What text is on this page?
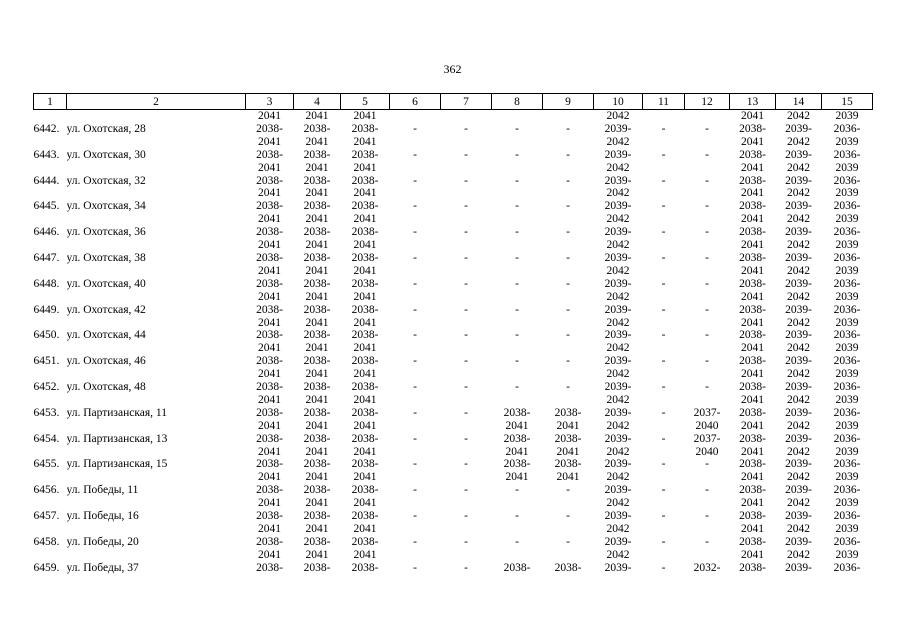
362
1	2	3	4	5	6	7	8	9	10	11	12	13	14	15
		2041	2041	2041					2042			2041	2042	2039
6442.	ул. Охотская, 28	2038-	2038-	2038-	-	-	-	-	2039-	-	-	2038-	2039-	2036-
		2041	2041	2041					2042			2041	2042	2039
6443.	ул. Охотская, 30	2038-	2038-	2038-	-	-	-	-	2039-	-	-	2038-	2039-	2036-
		2041	2041	2041					2042			2041	2042	2039
6444.	ул. Охотская, 32	2038-	2038-	2038-	-	-	-	-	2039-	-	-	2038-	2039-	2036-
		2041	2041	2041					2042			2041	2042	2039
6445.	ул. Охотская, 34	2038-	2038-	2038-	-	-	-	-	2039-	-	-	2038-	2039-	2036-
		2041	2041	2041					2042			2041	2042	2039
6446.	ул. Охотская, 36	2038-	2038-	2038-	-	-	-	-	2039-	-	-	2038-	2039-	2036-
		2041	2041	2041					2042			2041	2042	2039
6447.	ул. Охотская, 38	2038-	2038-	2038-	-	-	-	-	2039-	-	-	2038-	2039-	2036-
		2041	2041	2041					2042			2041	2042	2039
6448.	ул. Охотская, 40	2038-	2038-	2038-	-	-	-	-	2039-	-	-	2038-	2039-	2036-
		2041	2041	2041					2042			2041	2042	2039
6449.	ул. Охотская, 42	2038-	2038-	2038-	-	-	-	-	2039-	-	-	2038-	2039-	2036-
		2041	2041	2041					2042			2041	2042	2039
6450.	ул. Охотская, 44	2038-	2038-	2038-	-	-	-	-	2039-	-	-	2038-	2039-	2036-
		2041	2041	2041					2042			2041	2042	2039
6451.	ул. Охотская, 46	2038-	2038-	2038-	-	-	-	-	2039-	-	-	2038-	2039-	2036-
		2041	2041	2041					2042			2041	2042	2039
6452.	ул. Охотская, 48	2038-	2038-	2038-	-	-	-	-	2039-	-	-	2038-	2039-	2036-
		2041	2041	2041					2042			2041	2042	2039
6453.	ул. Партизанская, 11	2038-	2038-	2038-	-	-	2038-	2038-	2039-	-	2037-	2038-	2039-	2036-
		2041	2041	2041			2041	2041	2042		2040	2041	2042	2039
6454.	ул. Партизанская, 13	2038-	2038-	2038-	-	-	2038-	2038-	2039-	-	2037-	2038-	2039-	2036-
		2041	2041	2041			2041	2041	2042		2040	2041	2042	2039
6455.	ул. Партизанская, 15	2038-	2038-	2038-	-	-	2038-	2038-	2039-	-	-	2038-	2039-	2036-
		2041	2041	2041			2041	2041	2042			2041	2042	2039
6456.	ул. Победы, 11	2038-	2038-	2038-	-	-	-	-	2039-	-	-	2038-	2039-	2036-
		2041	2041	2041					2042			2041	2042	2039
6457.	ул. Победы, 16	2038-	2038-	2038-	-	-	-	-	2039-	-	-	2038-	2039-	2036-
		2041	2041	2041					2042			2041	2042	2039
6458.	ул. Победы, 20	2038-	2038-	2038-	-	-	-	-	2039-	-	-	2038-	2039-	2036-
		2041	2041	2041					2042			2041	2042	2039
6459.	ул. Победы, 37	2038-	2038-	2038-	-	-	2038-	2038-	2039-	-	2032-	2038-	2039-	2036-
